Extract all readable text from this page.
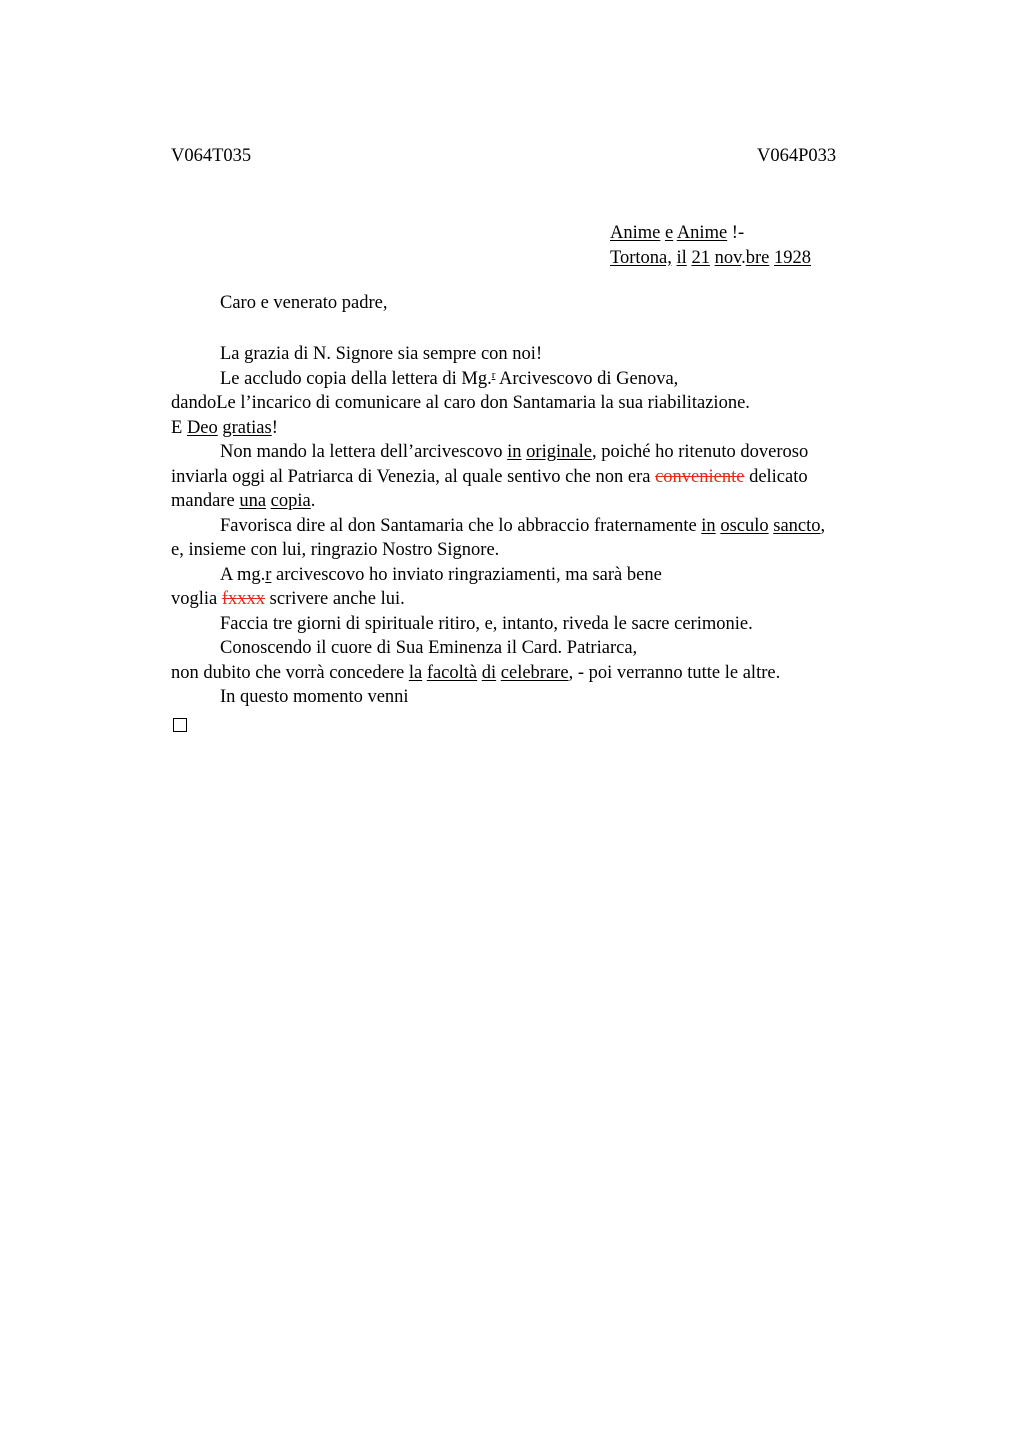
V064T035	V064P033
Anime e Anime !-
Tortona, il 21 nov.bre 1928
Caro e venerato padre,
La grazia di N. Signore sia sempre con noi!
Le accludo copia della lettera di Mg.$^r$ Arcivescovo di Genova,
dandoLe l’incarico di comunicare al caro don Santamaria la sua riabilitazione.
E Deo gratias!
Non mando la lettera dell’arcivescovo in originale, poiché ho ritenuto doveroso
inviarla oggi al Patriarca di Venezia, al quale sentivo che non era conveniente delicato
mandare una copia.
Favorisca dire al don Santamaria che lo abbraccio fraternamente in osculo sancto,
e, insieme con lui, ringrazio Nostro Signore.
A mg.r arcivescovo ho inviato ringraziamenti, ma sarà bene
voglia fxxxx scrivere anche lui.
Faccia tre giorni di spirituale ritiro, e, intanto, riveda le sacre cerimonie.
Conoscendo il cuore di Sua Eminenza il Card. Patriarca,
non dubito che vorrà concedere la facoltà di celebrare, - poi verranno tutte le altre.
In questo momento venni
